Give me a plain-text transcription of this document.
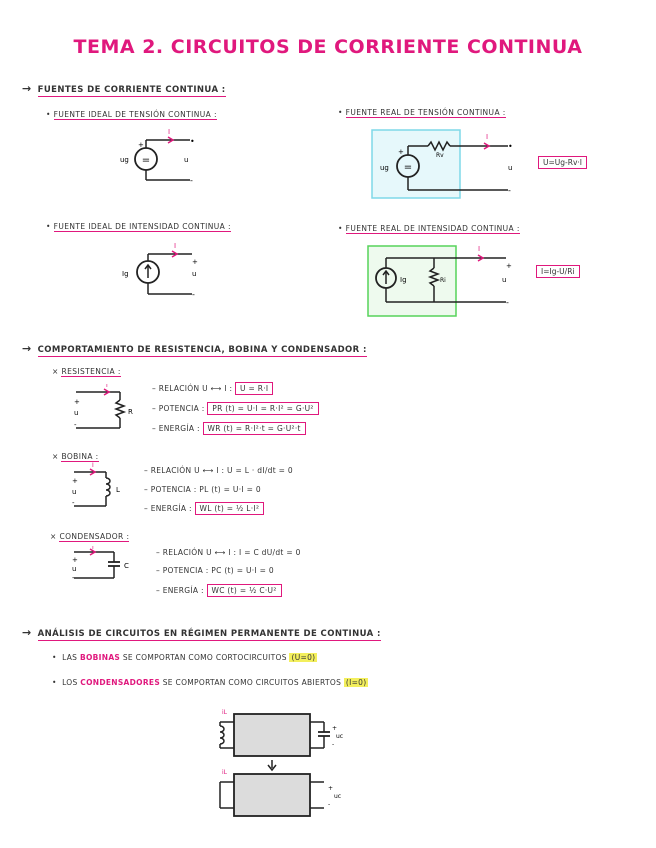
TEMA 2. CIRCUITOS DE CORRIENTE CONTINUA
→ FUENTES DE CORRIENTE CONTINUA :
• FUENTE IDEAL DE TENSIÓN CONTINUA :	• FUENTE REAL DE TENSIÓN CONTINUA :
• FUENTE IDEAL DE INTENSIDAD CONTINUA :	• FUENTE REAL DE INTENSIDAD CONTINUA :
=
I
+
ug	u
•
-
=
I
Rv
+
ug	u
•
-
U=Ug-Rv·I
I
Ig	u
+
-
I
Ig	Ri	u
+
-
I=Ig-U/Ri
→ COMPORTAMIENTO DE RESISTENCIA, BOBINA Y CONDENSADOR :
× RESISTENCIA :
I
R
+
u
-
– RELACIÓN U ⟷ I : U = R·I
– POTENCIA : PR (t) = U·I = R·I² = G·U²
– ENERGÍA : WR (t) = R·I²·t = G·U²·t
× BOBINA :
I
L
+
u
-
– RELACIÓN U ⟷ I : U = L · dI/dt = 0
– POTENCIA : PL (t) = U·I = 0
– ENERGÍA : WL (t) = ½ L·I²
× CONDENSADOR :
I
C
+
u
-
– RELACIÓN U ⟷ I : I = C dU/dt = 0
– POTENCIA : PC (t) = U·I = 0
– ENERGÍA : WC (t) = ½ C·U²
→ ANÁLISIS DE CIRCUITOS EN RÉGIMEN PERMANENTE DE CONTINUA :
•  LAS BOBINAS SE COMPORTAN COMO CORTOCIRCUITOS (U=0)
•  LOS CONDENSADORES SE COMPORTAN COMO CIRCUITOS ABIERTOS (I=0)
iL
+
uc
-
iL
+
uc
-
